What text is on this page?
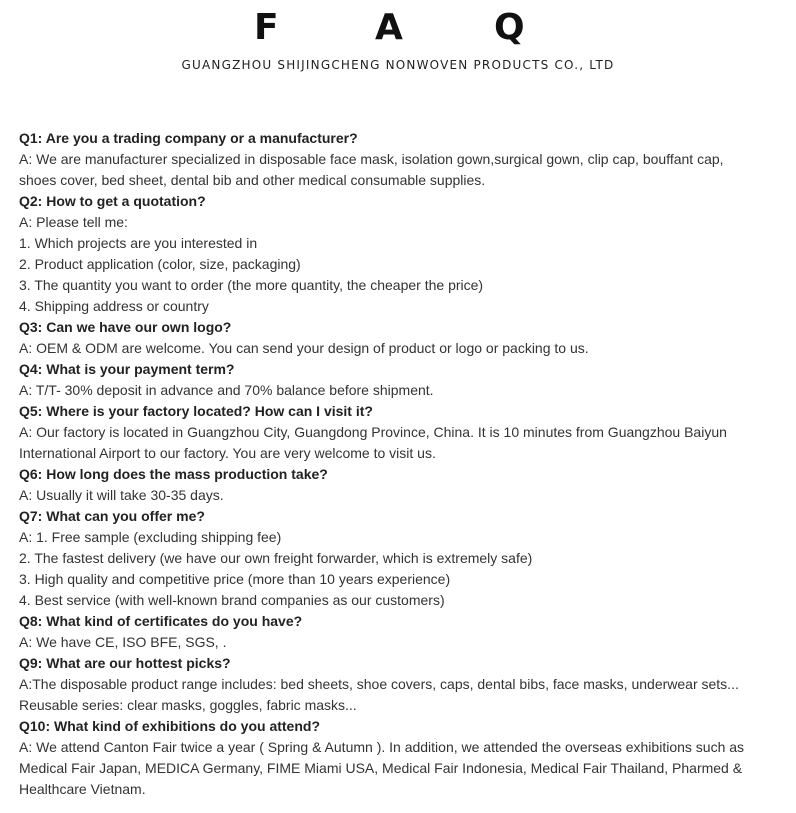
F	A	Q
GUANGZHOU SHIJINGCHENG NONWOVEN PRODUCTS CO., LTD

Q1: Are you a trading company or a manufacturer?

A: We are manufacturer specialized in disposable face mask, isolation gown,surgical gown, clip cap, bouffant cap,

shoes cover, bed sheet, dental bib and other medical consumable supplies.

Q2: How to get a quotation?

A: Please tell me:

1. Which projects are you interested in

2. Product application (color, size, packaging)

3. The quantity you want to order (the more quantity, the cheaper the price)

4. Shipping address or country

Q3: Can we have our own logo?

A: OEM & ODM are welcome. You can send your design of product or logo or packing to us.

Q4: What is your payment term?

A: T/T- 30% deposit in advance and 70% balance before shipment.

Q5: Where is your factory located? How can I visit it?

A: Our factory is located in Guangzhou City, Guangdong Province, China. It is 10 minutes from Guangzhou Baiyun

International Airport to our factory. You are very welcome to visit us.

Q6: How long does the mass production take?

A: Usually it will take 30-35 days.

Q7: What can you offer me?

A: 1. Free sample (excluding shipping fee)

2. The fastest delivery (we have our own freight forwarder, which is extremely safe)

3. High quality and competitive price (more than 10 years experience)

4. Best service (with well-known brand companies as our customers)

Q8: What kind of certificates do you have?

A: We have CE, ISO BFE, SGS, .

Q9: What are our hottest picks?

A:The disposable product range includes: bed sheets, shoe covers, caps, dental bibs, face masks, underwear sets...

Reusable series: clear masks, goggles, fabric masks...

Q10: What kind of exhibitions do you attend?

A: We attend Canton Fair twice a year ( Spring & Autumn ). In addition, we attended the overseas exhibitions such as

Medical Fair Japan, MEDICA Germany, FIME Miami USA, Medical Fair Indonesia, Medical Fair Thailand, Pharmed &

Healthcare Vietnam.
